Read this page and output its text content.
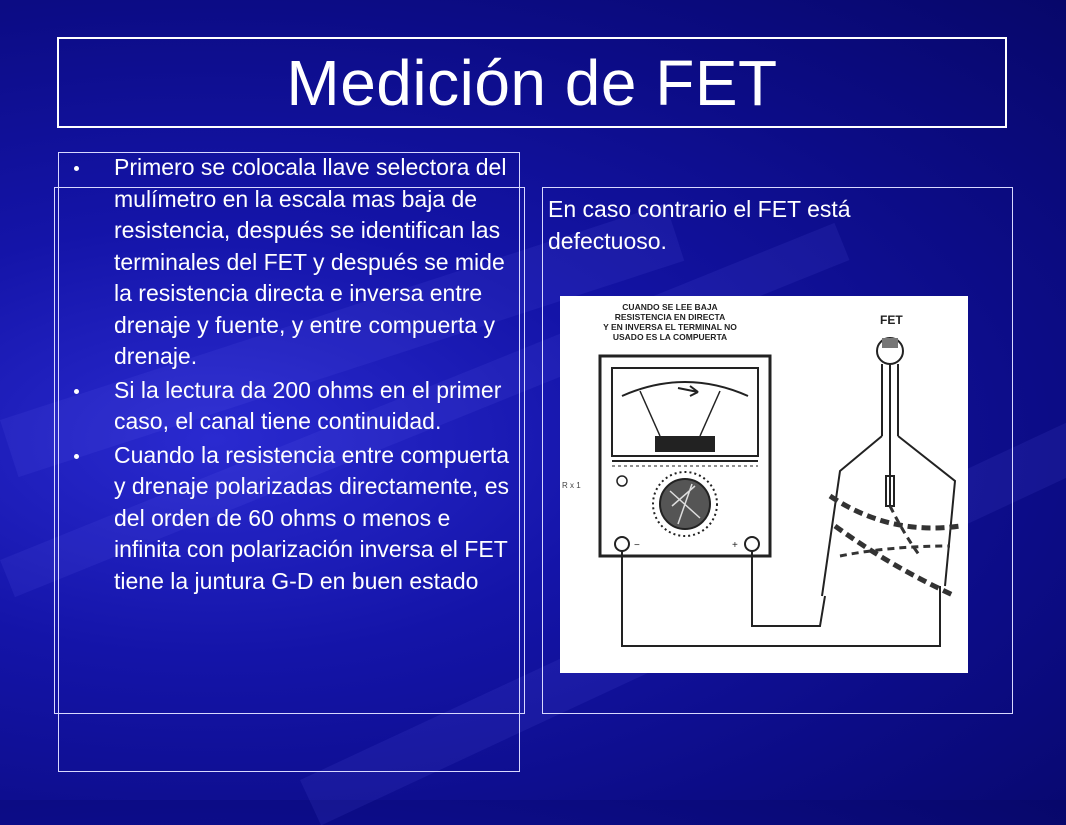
Medición de FET
Primero se colocala llave selectora del mulímetro en la escala mas baja de resistencia, después se identifican las terminales del FET y después se mide la resistencia directa e inversa entre drenaje y fuente, y entre compuerta y drenaje.
Si la lectura da 200 ohms en el primer caso, el canal tiene continuidad.
Cuando la resistencia entre compuerta y drenaje polarizadas directamente, es del orden de 60 ohms o menos e infinita con polarización inversa el FET tiene la juntura G-D en buen estado
En caso contrario el FET está defectuoso.
CUANDO SE LEE BAJA
RESISTENCIA EN DIRECTA
Y EN INVERSA EL TERMINAL NO
USADO ES LA COMPUERTA
FET
R x 1
−	+
